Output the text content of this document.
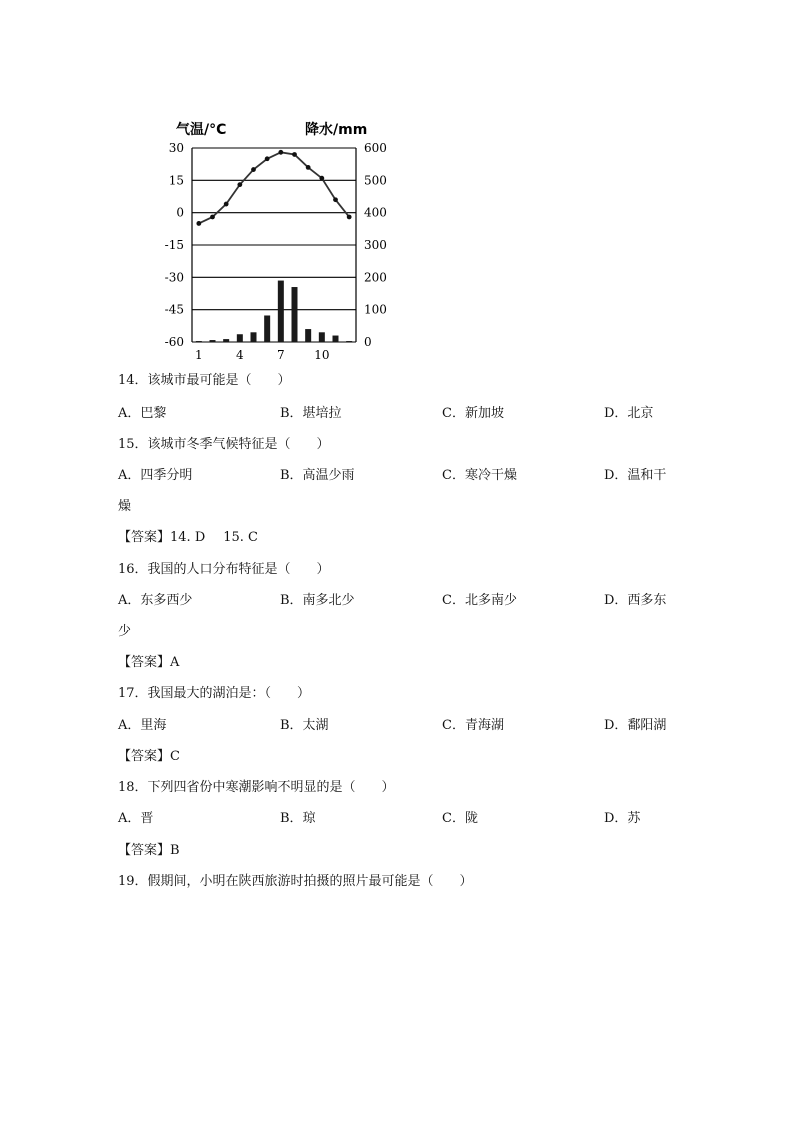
30
15
0
-15
-30
-45
-60
600
500
400
300
200
100
0
1	4	7 10
气温/°C	降水/mm
14．该城市最可能是（　　）
A．巴黎	B．堪培拉	C．新加坡	D．北京
15．该城市冬季气候特征是（　　）
A．四季分明	B．高温少雨	C．寒冷干燥	D．温和干
燥
【答案】14. D 15. C
16．我国的人口分布特征是（　　）
A．东多西少	B．南多北少	C．北多南少	D．西多东
少
【答案】A
17．我国最大的湖泊是：（　　）
A．里海	B．太湖	C．青海湖	D．鄱阳湖
【答案】C
18．下列四省份中寒潮影响不明显的是（　　）
A．晋	B．琼	C．陇	D．苏
【答案】B
19．假期间，小明在陕西旅游时拍摄的照片最可能是（　　）
